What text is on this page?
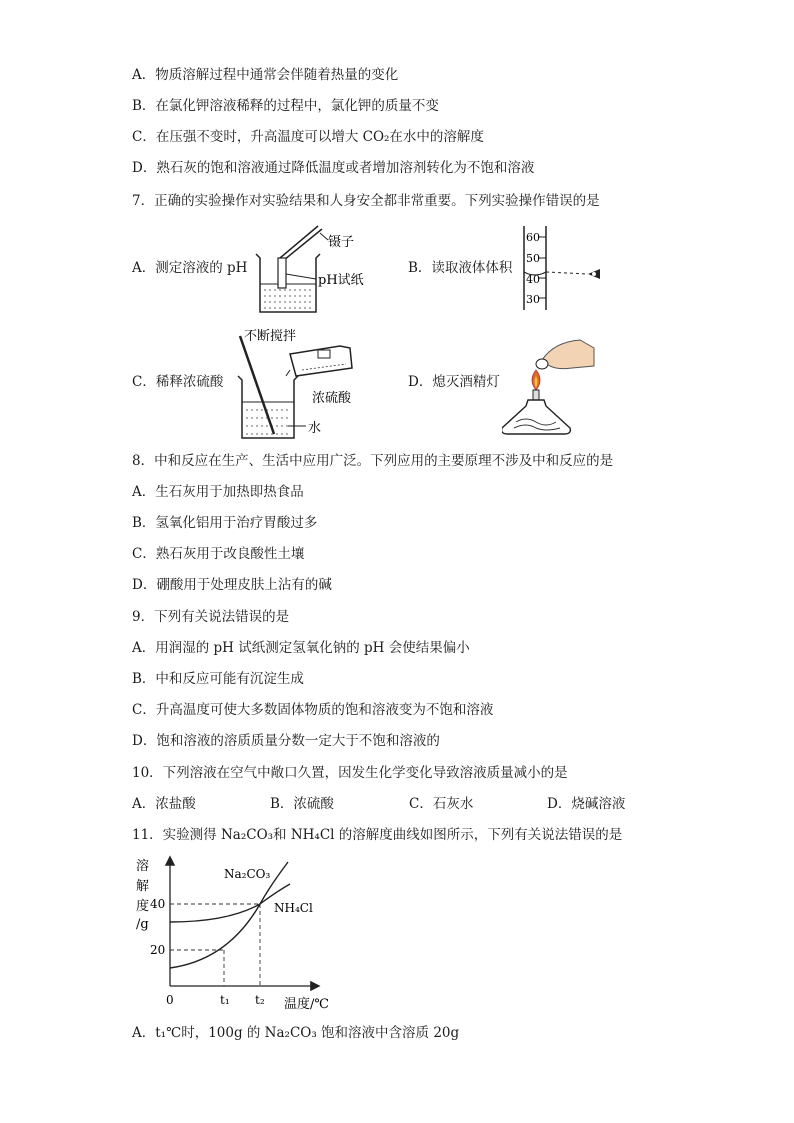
A．物质溶解过程中通常会伴随着热量的变化
B．在氯化钾溶液稀释的过程中，氯化钾的质量不变
C．在压强不变时，升高温度可以增大 CO₂在水中的溶解度
D．熟石灰的饱和溶液通过降低温度或者增加溶剂转化为不饱和溶液
7．正确的实验操作对实验结果和人身安全都非常重要。下列实验操作错误的是
A．测定溶液的 pH
镊子
pH试纸
B．读取液体体积
60
50
40
30
C．稀释浓硫酸
不断搅拌
浓硫酸
水
D．熄灭酒精灯
8．中和反应在生产、生活中应用广泛。下列应用的主要原理不涉及中和反应的是
A．生石灰用于加热即热食品
B．氢氧化铝用于治疗胃酸过多
C．熟石灰用于改良酸性土壤
D．硼酸用于处理皮肤上沾有的碱
9．下列有关说法错误的是
A．用润湿的 pH 试纸测定氢氧化钠的 pH 会使结果偏小
B．中和反应可能有沉淀生成
C．升高温度可使大多数固体物质的饱和溶液变为不饱和溶液
D．饱和溶液的溶质质量分数一定大于不饱和溶液的
10．下列溶液在空气中敞口久置，因发生化学变化导致溶液质量减小的是
A．浓盐酸	B．浓硫酸	C．石灰水	D．烧碱溶液
11．实验测得 Na₂CO₃和 NH₄Cl 的溶解度曲线如图所示，下列有关说法错误的是
溶
解
度
/g
40
20
Na₂CO₃
NH₄Cl
0	t₁ t₂ 温度/℃
A．t₁℃时，100g 的 Na₂CO₃ 饱和溶液中含溶质 20g
